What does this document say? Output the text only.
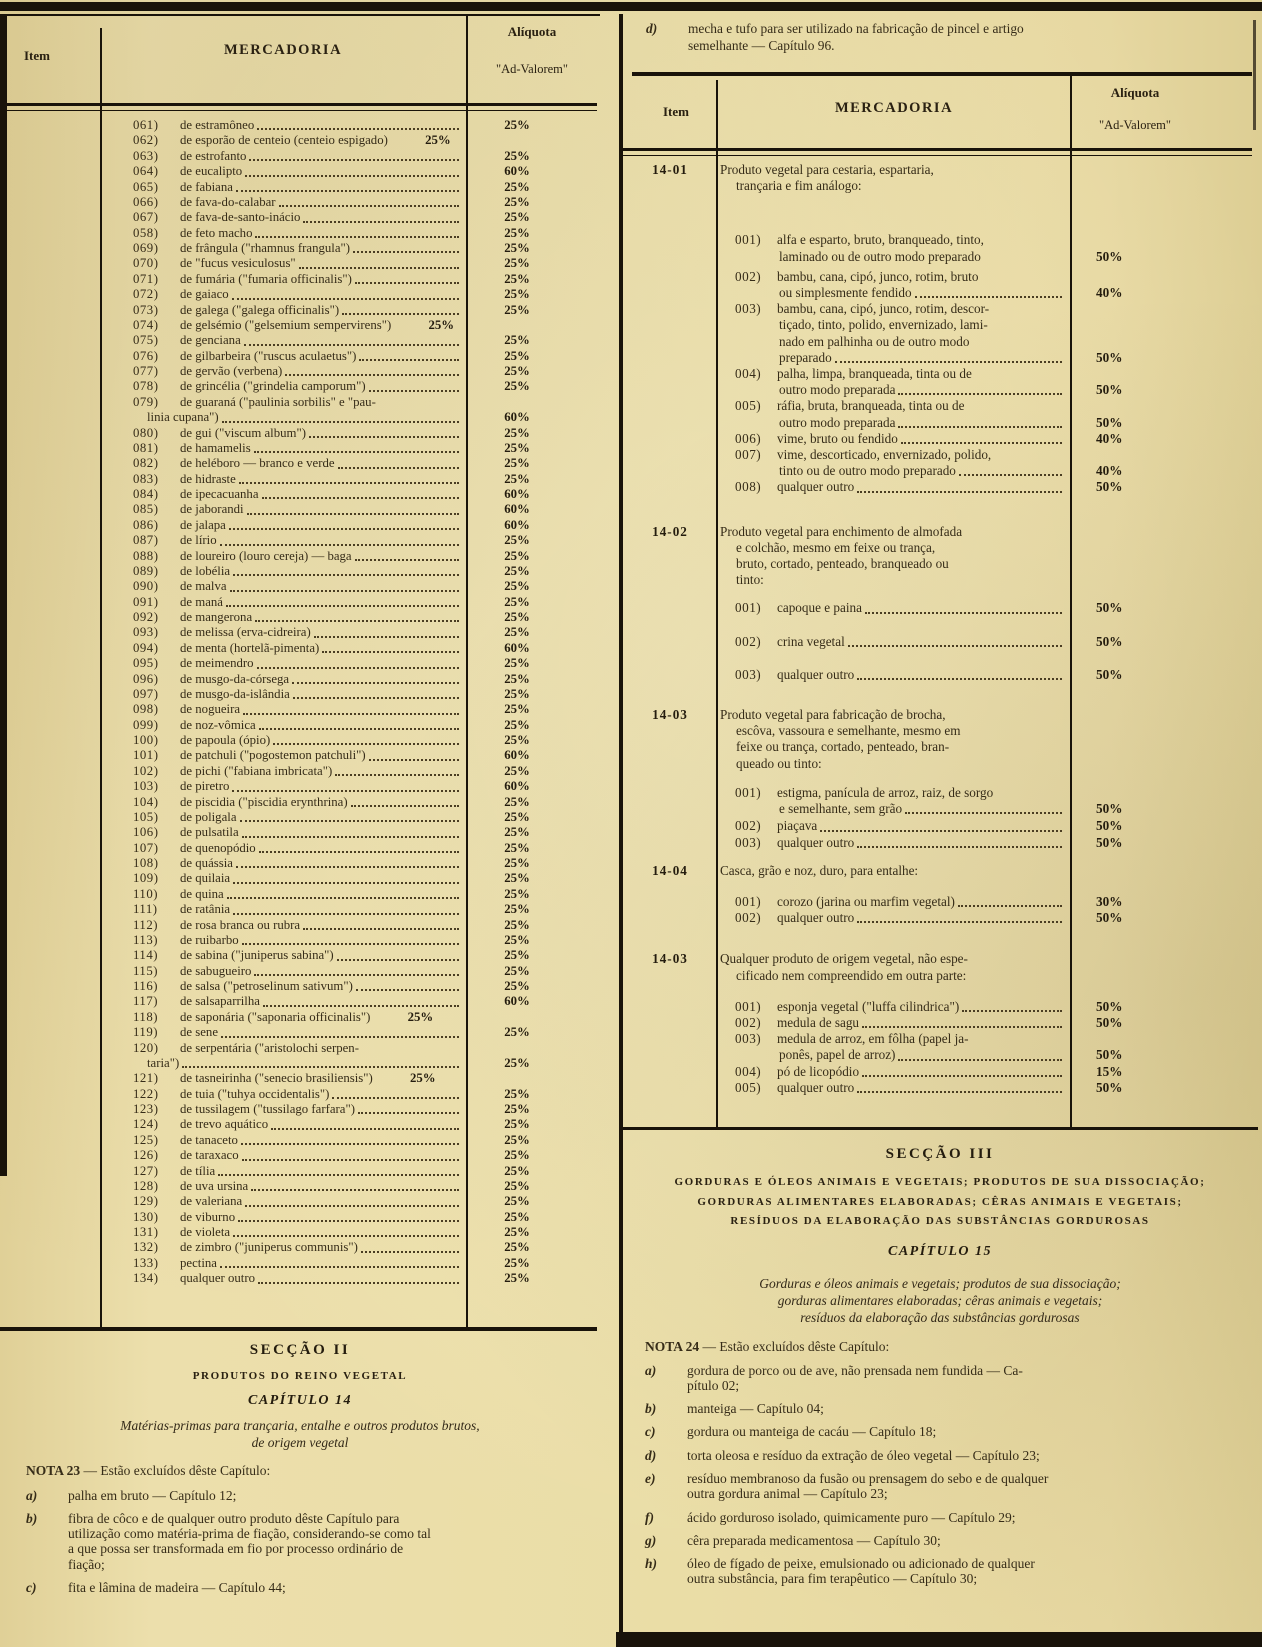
Item	MERCADORIA
Alíquota
"Ad-Valorem"
061)	de estramôneo	25%
062)	de esporão de centeio (centeio espigado)	25%
063)	de estrofanto	25%
064)	de eucalipto	60%
065)	de fabiana	25%
066)	de fava-do-calabar	25%
067)	de fava-de-santo-inácio	25%
058)	de feto macho	25%
069)	de frângula ("rhamnus frangula")	25%
070)	de "fucus vesiculosus"	25%
071)	de fumária ("fumaria officinalis")	25%
072)	de gaiaco	25%
073)	de galega ("galega officinalis")	25%
074)	de gelsémio ("gelsemium sempervirens")	25%
075)	de genciana	25%
076)	de gilbarbeira ("ruscus aculaetus")	25%
077)	de gervão (verbena)	25%
078)	de grincélia ("grindelia camporum")	25%
079)	de guaraná ("paulinia sorbilis" e "pau-
linia cupana")	60%
080)	de gui ("viscum album")	25%
081)	de hamamelis	25%
082)	de heléboro — branco e verde	25%
083)	de hidraste	25%
084)	de ipecacuanha	60%
085)	de jaborandi	60%
086)	de jalapa	60%
087)	de lírio	25%
088)	de loureiro (louro cereja) — baga	25%
089)	de lobélia	25%
090)	de malva	25%
091)	de maná	25%
092)	de mangerona	25%
093)	de melissa (erva-cidreira)	25%
094)	de menta (hortelã-pimenta)	60%
095)	de meimendro	25%
096)	de musgo-da-córsega	25%
097)	de musgo-da-islândia	25%
098)	de nogueira	25%
099)	de noz-vômica	25%
100)	de papoula (ópio)	25%
101)	de patchuli ("pogostemon patchuli")	60%
102)	de pichi ("fabiana imbricata")	25%
103)	de piretro	60%
104)	de piscidia ("piscidia erynthrina)	25%
105)	de poligala	25%
106)	de pulsatila	25%
107)	de quenopódio	25%
108)	de quássia	25%
109)	de quilaia	25%
110)	de quina	25%
111)	de ratânia	25%
112)	de rosa branca ou rubra	25%
113)	de ruibarbo	25%
114)	de sabina ("juniperus sabina")	25%
115)	de sabugueiro	25%
116)	de salsa ("petroselinum sativum")	25%
117)	de salsaparrilha	60%
118)	de saponária ("saponaria officinalis")	25%
119)	de sene	25%
120)	de serpentária ("aristolochi serpen-
taria")	25%
121)	de tasneirinha ("senecio brasiliensis")	25%
122)	de tuia ("tuhya occidentalis")	25%
123)	de tussilagem ("tussilago farfara")	25%
124)	de trevo aquático	25%
125)	de tanaceto	25%
126)	de taraxaco	25%
127)	de tília	25%
128)	de uva ursina	25%
129)	de valeriana	25%
130)	de viburno	25%
131)	de violeta	25%
132)	de zimbro ("juniperus communis")	25%
133)	pectina	25%
134)	qualquer outro	25%
d)	mecha e tufo para ser utilizado na fabricação de pincel e artigo
semelhante — Capítulo 96.
Item	MERCADORIA
Alíquota
"Ad-Valorem"
14-01	Produto vegetal para cestaria, espartaria,
trançaria e fim análogo:
001)	alfa e esparto, bruto, branqueado, tinto,
laminado ou de outro modo preparado	50%
002)	bambu, cana, cipó, junco, rotim, bruto
ou simplesmente fendido	40%
003)	bambu, cana, cipó, junco, rotim, descor-
tiçado, tinto, polido, envernizado, lami-
nado em palhinha ou de outro modo
preparado	50%
004)	palha, limpa, branqueada, tinta ou de
outro modo preparada	50%
005)	ráfia, bruta, branqueada, tinta ou de
outro modo preparada	50%
006)	vime, bruto ou fendido	40%
007)	vime, descorticado, envernizado, polido,
tinto ou de outro modo preparado	40%
008)	qualquer outro	50%
14-02	Produto vegetal para enchimento de almofada
e colchão, mesmo em feixe ou trança,
bruto, cortado, penteado, branqueado ou
tinto:
001)	capoque e paina	50%
002)	crina vegetal	50%
003)	qualquer outro	50%
14-03	Produto vegetal para fabricação de brocha,
escôva, vassoura e semelhante, mesmo em
feixe ou trança, cortado, penteado, bran-
queado ou tinto:
001)	estigma, panícula de arroz, raiz, de sorgo
e semelhante, sem grão	50%
002)	piaçava	50%
003)	qualquer outro	50%
14-04	Casca, grão e noz, duro, para entalhe:
001)	corozo (jarina ou marfim vegetal)	30%
002)	qualquer outro	50%
14-03	Qualquer produto de origem vegetal, não espe-
cificado nem compreendido em outra parte:
001)	esponja vegetal ("luffa cilindrica")	50%
002)	medula de sagu	50%
003)	medula de arroz, em fôlha (papel ja-
ponês, papel de arroz)	50%
004)	pó de licopódio	15%
005)	qualquer outro	50%
SECÇÃO II
PRODUTOS DO REINO VEGETAL
CAPÍTULO 14
Matérias-primas para trançaria, entalhe e outros produtos brutos,
de origem vegetal
NOTA 23 — Estão excluídos dêste Capítulo:
a)	palha em bruto — Capítulo 12;
b)	fibra de côco e de qualquer outro produto dêste Capítulo para
utilização como matéria-prima de fiação, considerando-se como tal
a que possa ser transformada em fio por processo ordinário de
fiação;
c)	fita e lâmina de madeira — Capítulo 44;
SECÇÃO III
GORDURAS E ÓLEOS ANIMAIS E VEGETAIS; PRODUTOS DE SUA DISSOCIAÇÃO;
GORDURAS ALIMENTARES ELABORADAS; CÊRAS ANIMAIS E VEGETAIS;
RESÍDUOS DA ELABORAÇÃO DAS SUBSTÂNCIAS GORDUROSAS
CAPÍTULO 15
Gorduras e óleos animais e vegetais; produtos de sua dissociação;
gorduras alimentares elaboradas; cêras animais e vegetais;
resíduos da elaboração das substâncias gordurosas
NOTA 24 — Estão excluídos dêste Capítulo:
a)	gordura de porco ou de ave, não prensada nem fundida — Ca-
pítulo 02;
b)	manteiga — Capítulo 04;
c)	gordura ou manteiga de cacáu — Capítulo 18;
d)	torta oleosa e resíduo da extração de óleo vegetal — Capítulo 23;
e)	resíduo membranoso da fusão ou prensagem do sebo e de qualquer
outra gordura animal — Capítulo 23;
f)	ácido gorduroso isolado, quimicamente puro — Capítulo 29;
g)	cêra preparada medicamentosa — Capítulo 30;
h)	óleo de fígado de peixe, emulsionado ou adicionado de qualquer
outra substância, para fim terapêutico — Capítulo 30;
